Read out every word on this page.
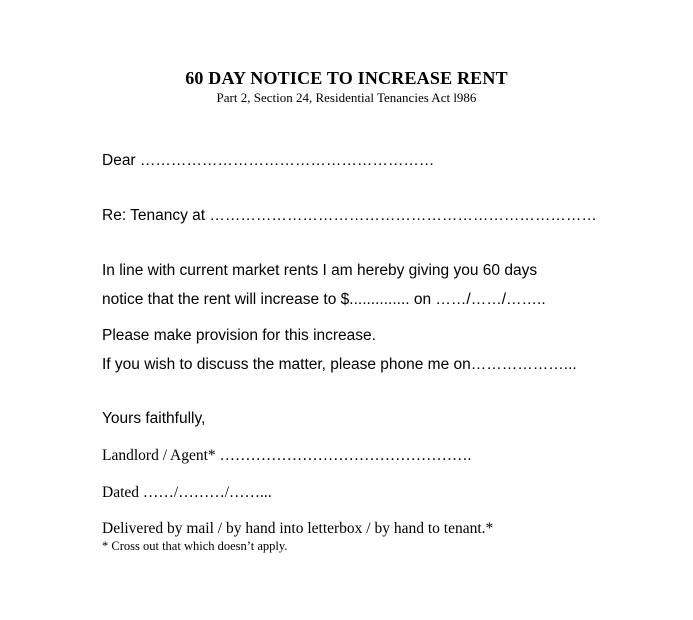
60 DAY NOTICE TO INCREASE RENT
Part 2, Section 24, Residential Tenancies Act l986
Dear …………………………………………………
Re: Tenancy at …………………………………………………………………
In line with current market rents I am hereby giving you 60 days
notice that the rent will increase to $.............. on ……/……/……..
Please make provision for this increase.
If you wish to discuss the matter, please phone me on………………...
Yours faithfully,
Landlord / Agent* ………………………………………….
Dated ……/………/……...
Delivered by mail / by hand into letterbox / by hand to tenant.*
* Cross out that which doesn’t apply.
